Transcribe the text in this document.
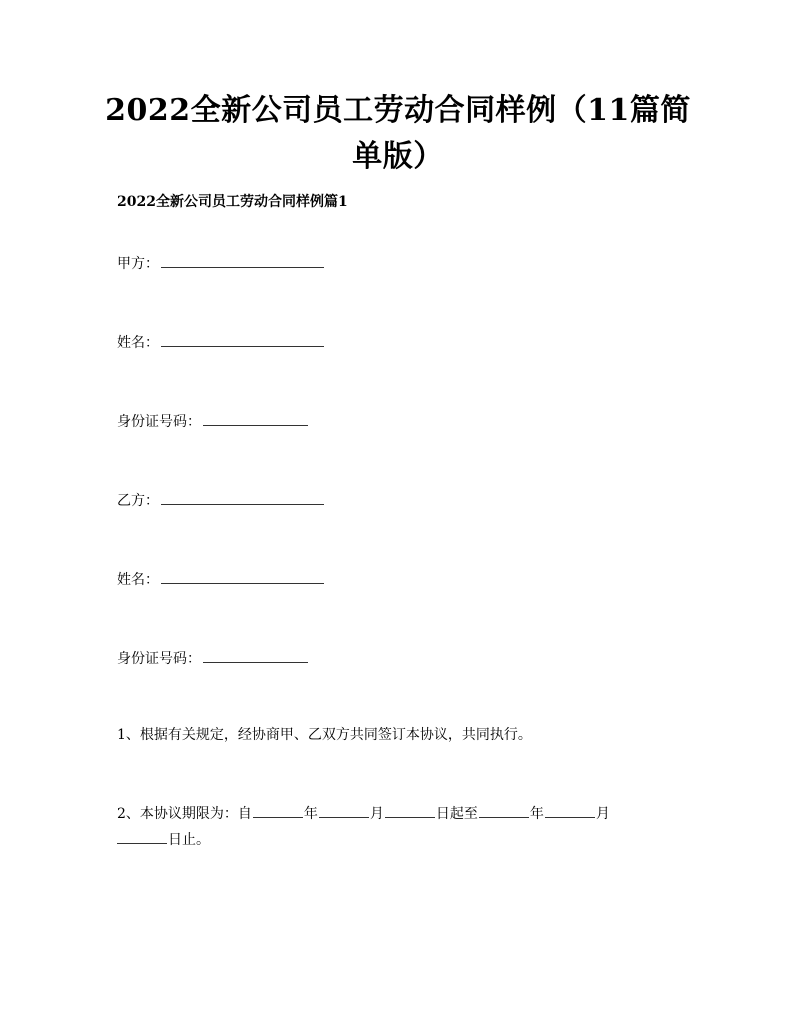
2022全新公司员工劳动合同样例（11篇简单版）
2022全新公司员工劳动合同样例篇1
甲方：
姓名：
身份证号码：
乙方：
姓名：
身份证号码：
1、根据有关规定，经协商甲、乙双方共同签订本协议，共同执行。
2、本协议期限为：自	年	月	日起至	年	月
日止。
